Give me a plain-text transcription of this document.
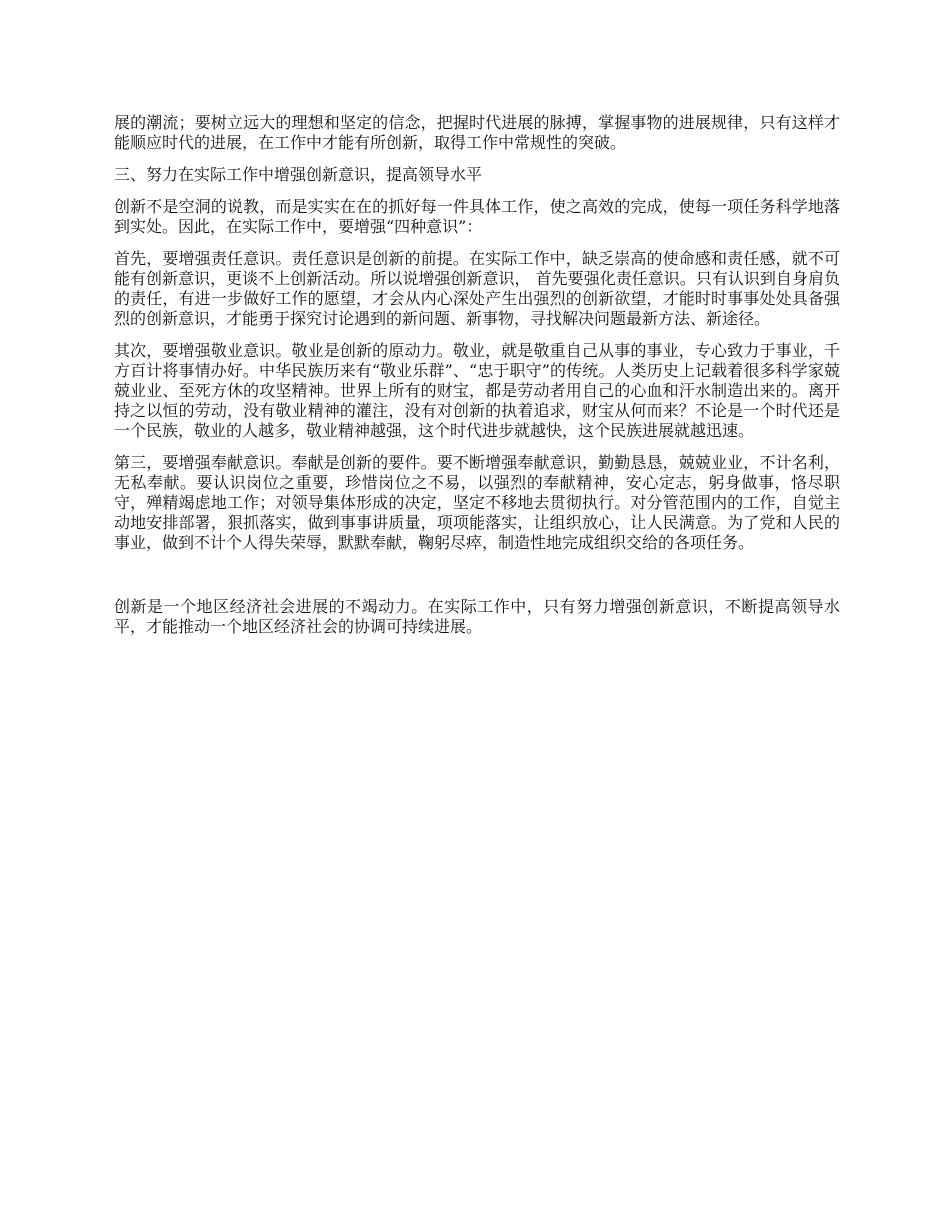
展的潮流；要树立远大的理想和坚定的信念，把握时代进展的脉搏，掌握事物的进展规律，只有这样才能顺应时代的进展，在工作中才能有所创新，取得工作中常规性的突破。

三、努力在实际工作中增强创新意识，提高领导水平

创新不是空洞的说教，而是实实在在的抓好每一件具体工作，使之高效的完成，使每一项任务科学地落到实处。因此，在实际工作中，要增强“四种意识”：

首先，要增强责任意识。责任意识是创新的前提。在实际工作中，缺乏崇高的使命感和责任感，就不可能有创新意识，更谈不上创新活动。所以说增强创新意识， 首先要强化责任意识。只有认识到自身肩负的责任，有进一步做好工作的愿望，才会从内心深处产生出强烈的创新欲望，才能时时事事处处具备强烈的创新意识，才能勇于探究讨论遇到的新问题、新事物，寻找解决问题最新方法、新途径。

其次，要增强敬业意识。敬业是创新的原动力。敬业，就是敬重自己从事的事业，专心致力于事业，千方百计将事情办好。中华民族历来有“敬业乐群”、“忠于职守”的传统。人类历史上记载着很多科学家兢兢业业、至死方休的攻坚精神。世界上所有的财宝，都是劳动者用自己的心血和汗水制造出来的。离开持之以恒的劳动，没有敬业精神的灌注，没有对创新的执着追求，财宝从何而来？不论是一个时代还是一个民族，敬业的人越多，敬业精神越强，这个时代进步就越快，这个民族进展就越迅速。

第三，要增强奉献意识。奉献是创新的要件。要不断增强奉献意识，勤勤恳恳，兢兢业业，不计名利，无私奉献。要认识岗位之重要，珍惜岗位之不易，以强烈的奉献精神，安心定志，躬身做事，恪尽职守，殚精竭虑地工作；对领导集体形成的决定，坚定不移地去贯彻执行。对分管范围内的工作，自觉主动地安排部署，狠抓落实，做到事事讲质量，项项能落实，让组织放心，让人民满意。为了党和人民的事业，做到不计个人得失荣辱，默默奉献，鞠躬尽瘁，制造性地完成组织交给的各项任务。

创新是一个地区经济社会进展的不竭动力。在实际工作中，只有努力增强创新意识，不断提高领导水平，才能推动一个地区经济社会的协调可持续进展。
